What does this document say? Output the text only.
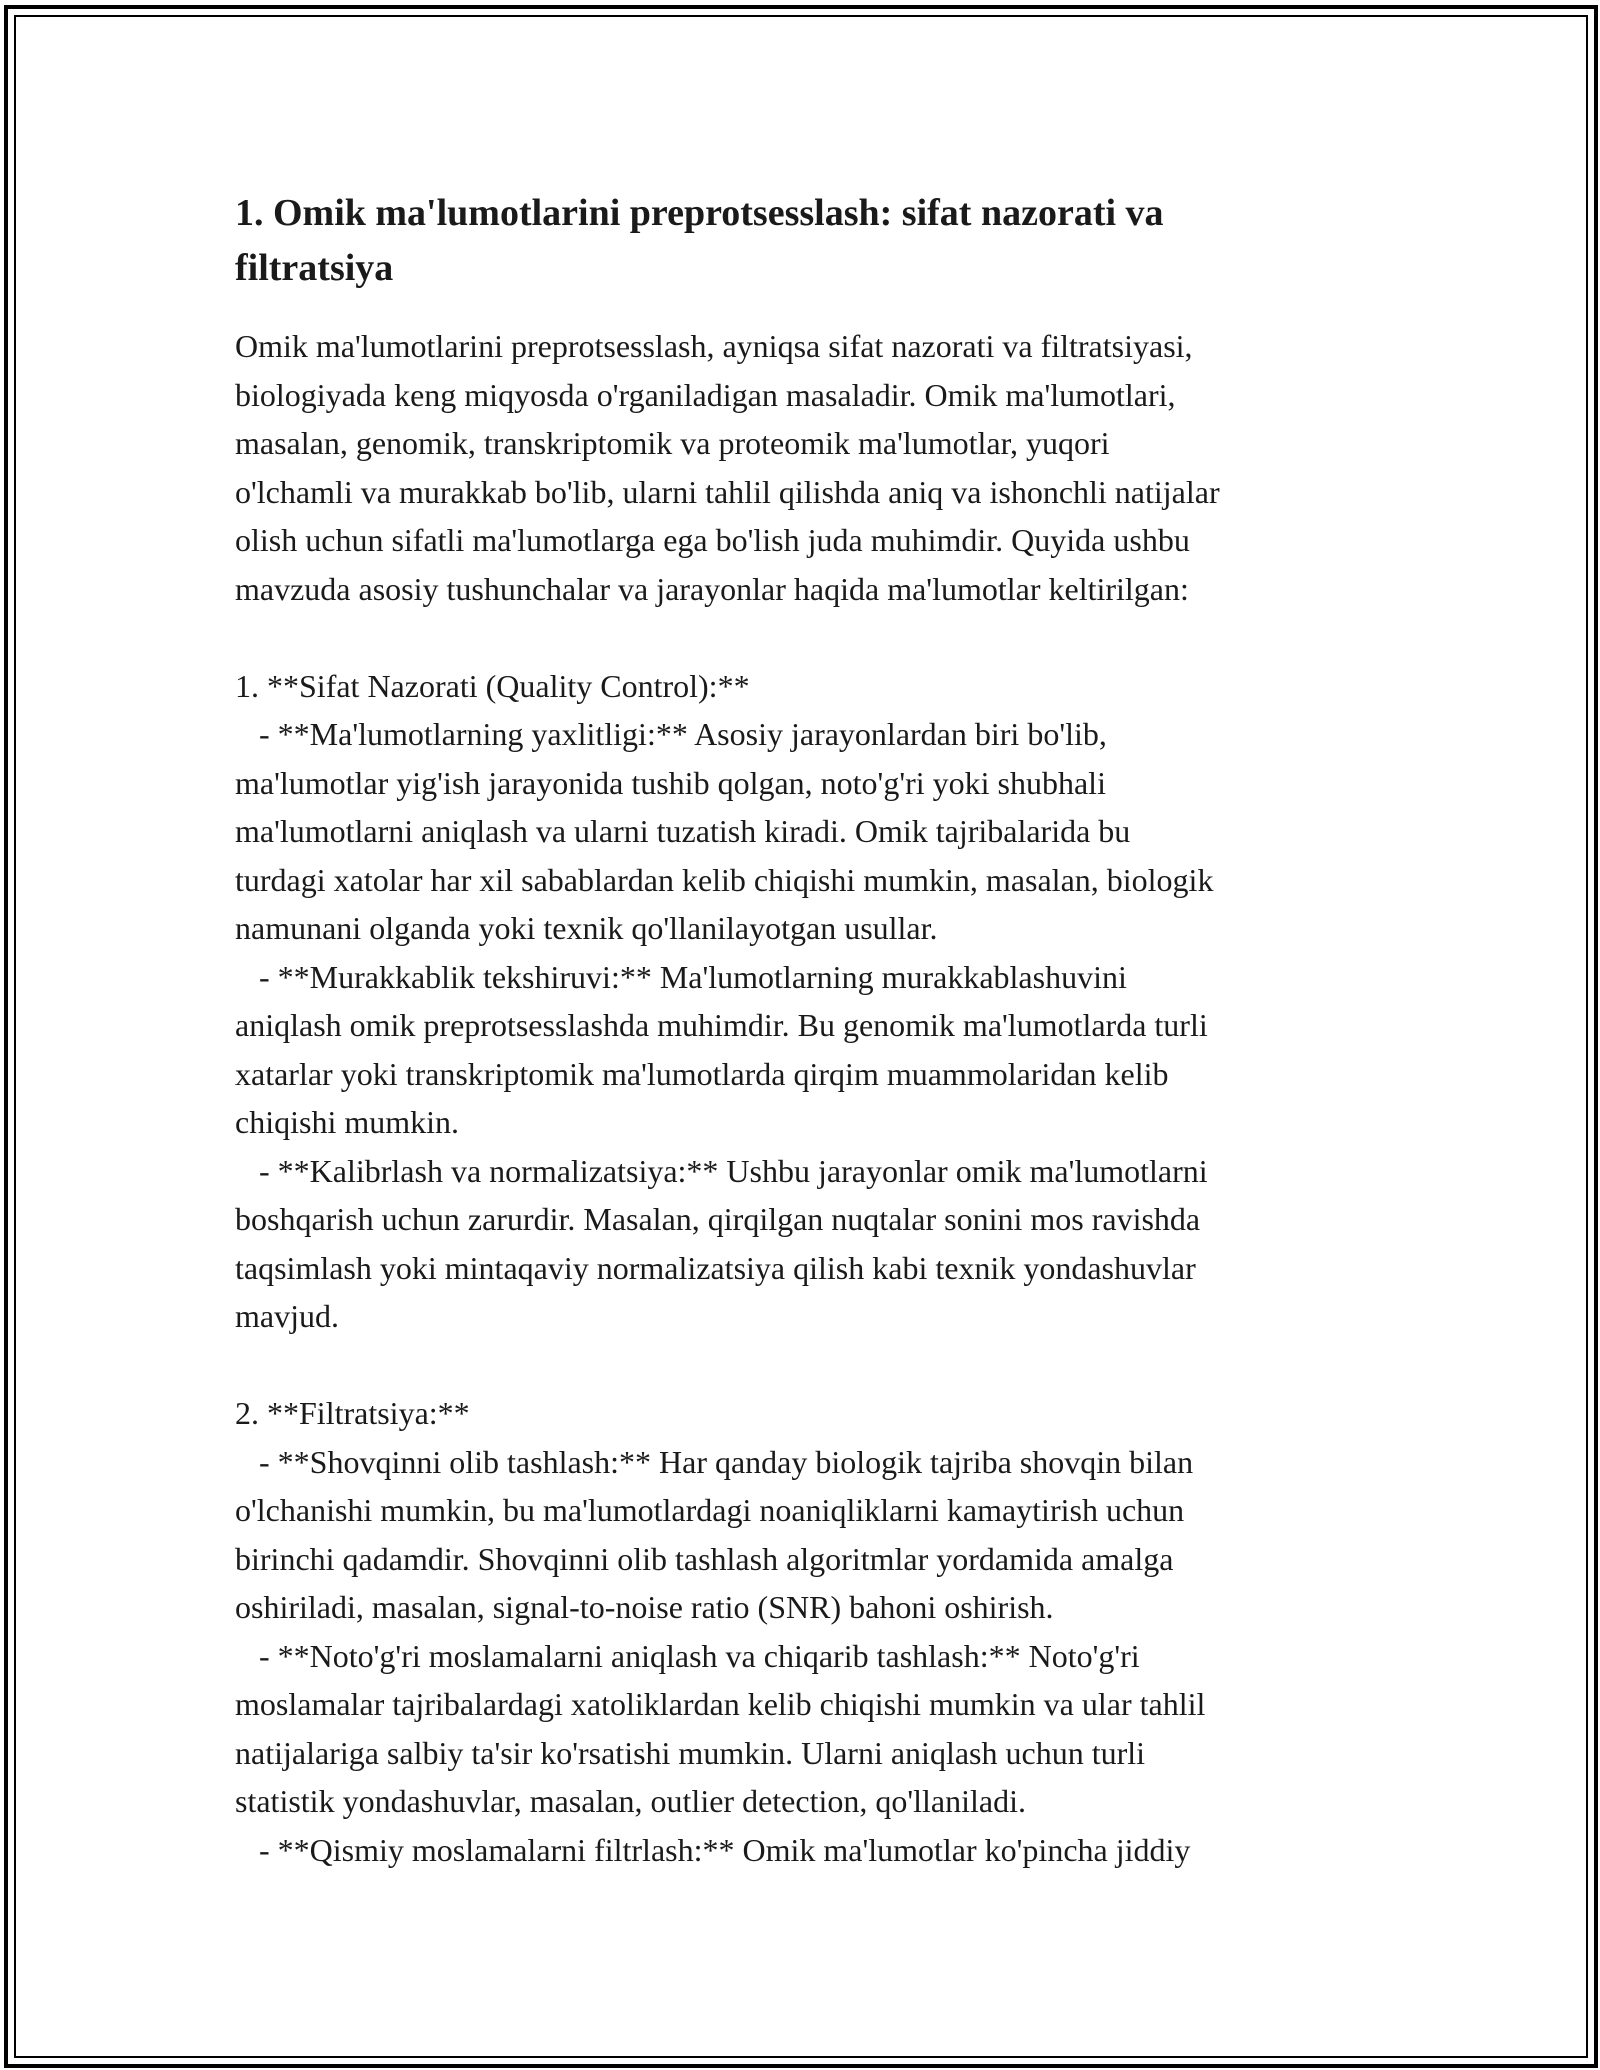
1. Omik ma'lumotlarini preprotsesslash: sifat nazorati va
filtratsiya

Omik ma'lumotlarini preprotsesslash, ayniqsa sifat nazorati va filtratsiyasi,
biologiyada keng miqyosda o'rganiladigan masaladir. Omik ma'lumotlari,
masalan, genomik, transkriptomik va proteomik ma'lumotlar, yuqori
o'lchamli va murakkab bo'lib, ularni tahlil qilishda aniq va ishonchli natijalar
olish uchun sifatli ma'lumotlarga ega bo'lish juda muhimdir. Quyida ushbu
mavzuda asosiy tushunchalar va jarayonlar haqida ma'lumotlar keltirilgan:

1. **Sifat Nazorati (Quality Control):**
- **Ma'lumotlarning yaxlitligi:** Asosiy jarayonlardan biri bo'lib,
ma'lumotlar yig'ish jarayonida tushib qolgan, noto'g'ri yoki shubhali
ma'lumotlarni aniqlash va ularni tuzatish kiradi. Omik tajribalarida bu
turdagi xatolar har xil sabablardan kelib chiqishi mumkin, masalan, biologik
namunani olganda yoki texnik qo'llanilayotgan usullar.
- **Murakkablik tekshiruvi:** Ma'lumotlarning murakkablashuvini
aniqlash omik preprotsesslashda muhimdir. Bu genomik ma'lumotlarda turli
xatarlar yoki transkriptomik ma'lumotlarda qirqim muammolaridan kelib
chiqishi mumkin.
- **Kalibrlash va normalizatsiya:** Ushbu jarayonlar omik ma'lumotlarni
boshqarish uchun zarurdir. Masalan, qirqilgan nuqtalar sonini mos ravishda
taqsimlash yoki mintaqaviy normalizatsiya qilish kabi texnik yondashuvlar
mavjud.

2. **Filtratsiya:**
- **Shovqinni olib tashlash:** Har qanday biologik tajriba shovqin bilan
o'lchanishi mumkin, bu ma'lumotlardagi noaniqliklarni kamaytirish uchun
birinchi qadamdir. Shovqinni olib tashlash algoritmlar yordamida amalga
oshiriladi, masalan, signal-to-noise ratio (SNR) bahoni oshirish.
- **Noto'g'ri moslamalarni aniqlash va chiqarib tashlash:** Noto'g'ri
moslamalar tajribalardagi xatoliklardan kelib chiqishi mumkin va ular tahlil
natijalariga salbiy ta'sir ko'rsatishi mumkin. Ularni aniqlash uchun turli
statistik yondashuvlar, masalan, outlier detection, qo'llaniladi.
- **Qismiy moslamalarni filtrlash:** Omik ma'lumotlar ko'pincha jiddiy
